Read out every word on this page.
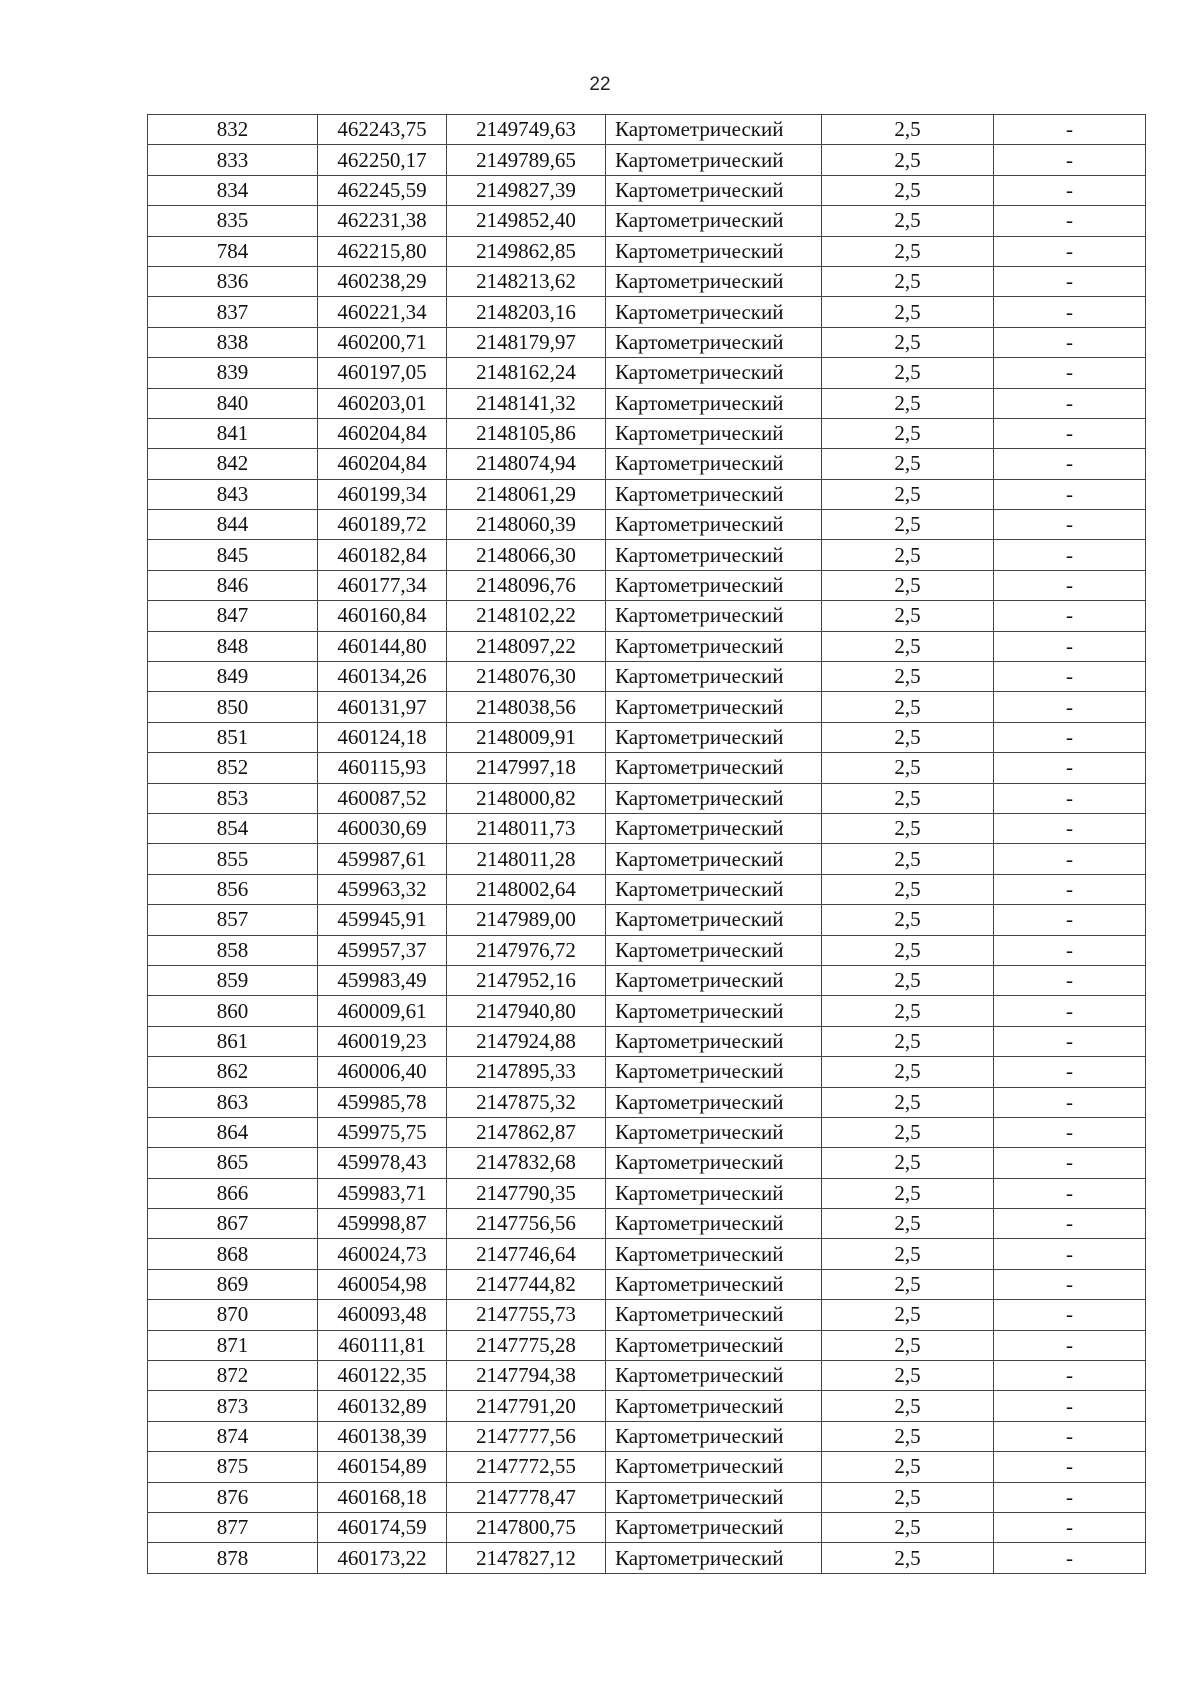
22
832	462243,75	2149749,63	Картометрический	2,5	-
833	462250,17	2149789,65	Картометрический	2,5	-
834	462245,59	2149827,39	Картометрический	2,5	-
835	462231,38	2149852,40	Картометрический	2,5	-
784	462215,80	2149862,85	Картометрический	2,5	-
836	460238,29	2148213,62	Картометрический	2,5	-
837	460221,34	2148203,16	Картометрический	2,5	-
838	460200,71	2148179,97	Картометрический	2,5	-
839	460197,05	2148162,24	Картометрический	2,5	-
840	460203,01	2148141,32	Картометрический	2,5	-
841	460204,84	2148105,86	Картометрический	2,5	-
842	460204,84	2148074,94	Картометрический	2,5	-
843	460199,34	2148061,29	Картометрический	2,5	-
844	460189,72	2148060,39	Картометрический	2,5	-
845	460182,84	2148066,30	Картометрический	2,5	-
846	460177,34	2148096,76	Картометрический	2,5	-
847	460160,84	2148102,22	Картометрический	2,5	-
848	460144,80	2148097,22	Картометрический	2,5	-
849	460134,26	2148076,30	Картометрический	2,5	-
850	460131,97	2148038,56	Картометрический	2,5	-
851	460124,18	2148009,91	Картометрический	2,5	-
852	460115,93	2147997,18	Картометрический	2,5	-
853	460087,52	2148000,82	Картометрический	2,5	-
854	460030,69	2148011,73	Картометрический	2,5	-
855	459987,61	2148011,28	Картометрический	2,5	-
856	459963,32	2148002,64	Картометрический	2,5	-
857	459945,91	2147989,00	Картометрический	2,5	-
858	459957,37	2147976,72	Картометрический	2,5	-
859	459983,49	2147952,16	Картометрический	2,5	-
860	460009,61	2147940,80	Картометрический	2,5	-
861	460019,23	2147924,88	Картометрический	2,5	-
862	460006,40	2147895,33	Картометрический	2,5	-
863	459985,78	2147875,32	Картометрический	2,5	-
864	459975,75	2147862,87	Картометрический	2,5	-
865	459978,43	2147832,68	Картометрический	2,5	-
866	459983,71	2147790,35	Картометрический	2,5	-
867	459998,87	2147756,56	Картометрический	2,5	-
868	460024,73	2147746,64	Картометрический	2,5	-
869	460054,98	2147744,82	Картометрический	2,5	-
870	460093,48	2147755,73	Картометрический	2,5	-
871	460111,81	2147775,28	Картометрический	2,5	-
872	460122,35	2147794,38	Картометрический	2,5	-
873	460132,89	2147791,20	Картометрический	2,5	-
874	460138,39	2147777,56	Картометрический	2,5	-
875	460154,89	2147772,55	Картометрический	2,5	-
876	460168,18	2147778,47	Картометрический	2,5	-
877	460174,59	2147800,75	Картометрический	2,5	-
878	460173,22	2147827,12	Картометрический	2,5	-
